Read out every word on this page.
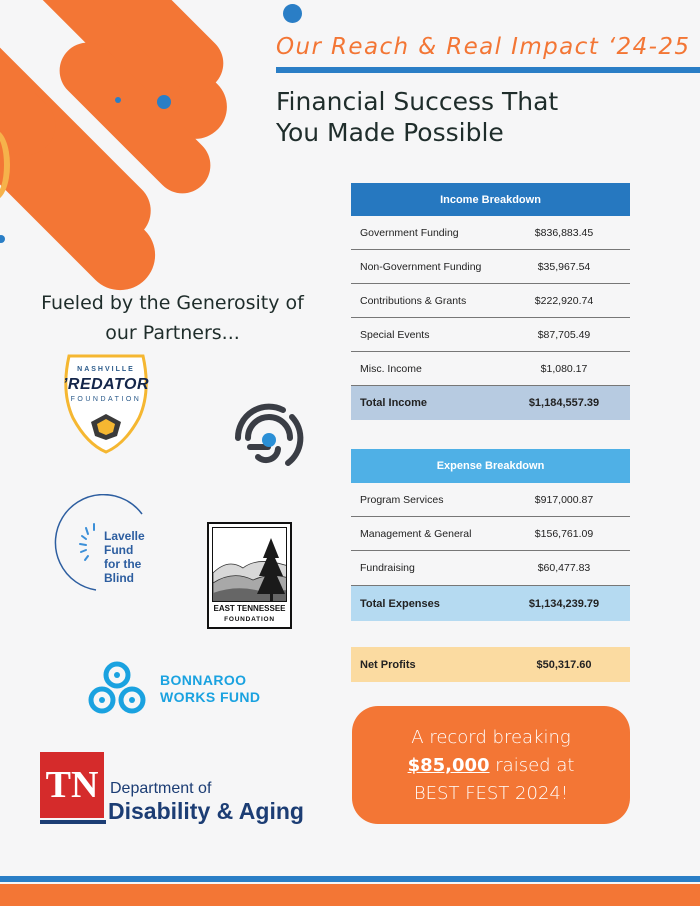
Our Reach & Real Impact ‘24-25
Financial Success That
You Made Possible
Fueled by the Generosity of
our Partners...
NASHVILLE
’REDATOR
FOUNDATION
Lavelle
Fund
for the
Blind
EAST TENNESSEE
FOUNDATION
BONNAROO
WORKS FUND
TN Department of
Disability & Aging
Income Breakdown
Government Funding	$836,883.45
Non-Government Funding	$35,967.54
Contributions & Grants	$222,920.74
Special Events	$87,705.49
Misc. Income	$1,080.17
Total Income	$1,184,557.39
Expense Breakdown
Program Services	$917,000.87
Management & General	$156,761.09
Fundraising	$60,477.83
Total Expenses	$1,134,239.79
Net Profits	$50,317.60
A record breaking
$85,000 raised at
BEST FEST 2024!
